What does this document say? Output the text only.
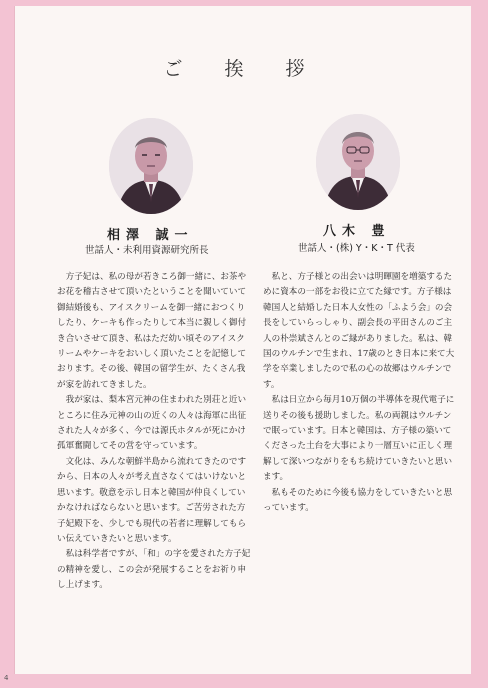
ご 挨 拶
相澤 誠一
世話人・未利用資源研究所長
八木 豊
世話人・(株) Y・K・T 代表

　方子妃は、私の母が若きころ御一緒に、お茶やお花を稽古させて頂いたということを聞いていて御結婚後も、アイスクリームを御一緒におつくりしたり、ケーキも作ったりして本当に親しく御付き合いさせて頂き、私はただ幼い頃そのアイスクリームやケーキをおいしく頂いたことを記憶しております。その後、韓国の留学生が、たくさん我が家を訪れてきました。

　我が家は、梨本宮元神の住まわれた別荘と近いところに住み元神の山の近くの人々は海軍に出征された人々が多く、今では源氏ホタルが死にかけ孤軍奮闘してその営を守っています。

　文化は、みんな朝鮮半島から流れてきたのですから、日本の人々が考え直さなくてはいけないと思います。敬意を示し日本と韓国が仲良くしていかなければならないと思います。ご苦労された方子妃殿下を、少しでも現代の若者に理解してもらい伝えていきたいと思います。

　私は科学者ですが、「和」の字を愛された方子妃の精神を愛し、この会が発展することをお祈り申し上げます。

　私と、方子様との出会いは明暉園を増築するために資本の一部をお役に立てた縁です。方子様は韓国人と結婚した日本人女性の「ふよう会」の会長をしていらっしゃり、副会長の平田さんのご主人の朴崇斌さんとのご縁がありました。私は、韓国のウルチンで生まれ、17歳のとき日本に来て大学を卒業しましたので私の心の故郷はウルチンです。

　私は日立から毎月10万個の半導体を現代電子に送りその後も援助しました。私の両親はウルチンで眠っています。日本と韓国は、方子様の築いてくださった土台を大事により一層互いに正しく理解して深いつながりをもち続けていきたいと思います。

　私もそのために今後も協力をしていきたいと思っています。

4
